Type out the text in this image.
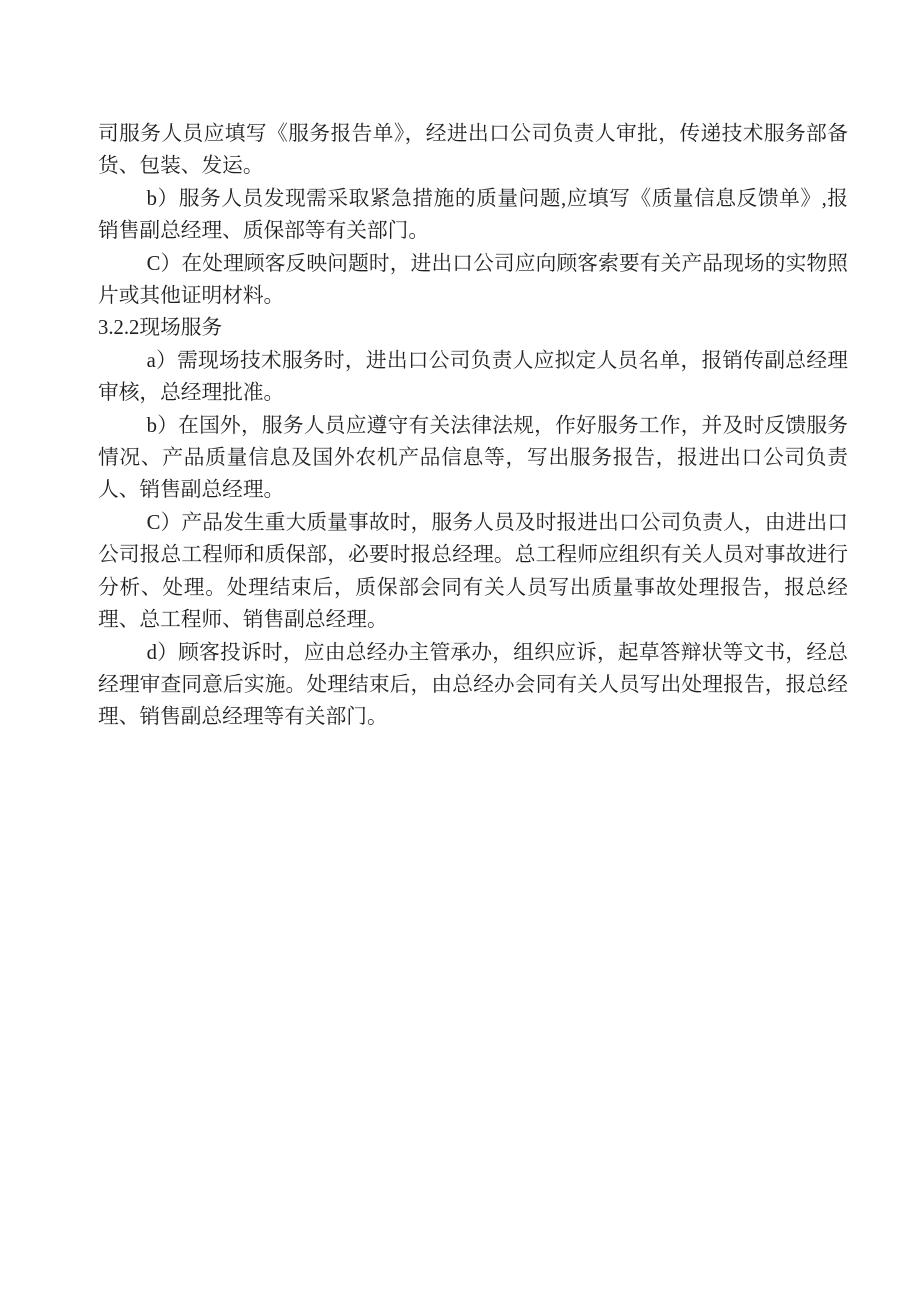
司服务人员应填写《服务报告单》，经进出口公司负责人审批，传递技术服务部备货、包装、发运。

b）服务人员发现需采取紧急措施的质量问题,应填写《质量信息反馈单》,报销售副总经理、质保部等有关部门。

C）在处理顾客反映问题时，进出口公司应向顾客索要有关产品现场的实物照片或其他证明材料。

3.2.2现场服务

a）需现场技术服务时，进出口公司负责人应拟定人员名单，报销传副总经理审核，总经理批准。

b）在国外，服务人员应遵守有关法律法规，作好服务工作，并及时反馈服务情况、产品质量信息及国外农机产品信息等，写出服务报告，报进出口公司负责人、销售副总经理。

C）产品发生重大质量事故时，服务人员及时报进出口公司负责人，由进出口公司报总工程师和质保部，必要时报总经理。总工程师应组织有关人员对事故进行分析、处理。处理结束后，质保部会同有关人员写出质量事故处理报告，报总经理、总工程师、销售副总经理。

d）顾客投诉时，应由总经办主管承办，组织应诉，起草答辩状等文书，经总经理审查同意后实施。处理结束后，由总经办会同有关人员写出处理报告，报总经理、销售副总经理等有关部门。
